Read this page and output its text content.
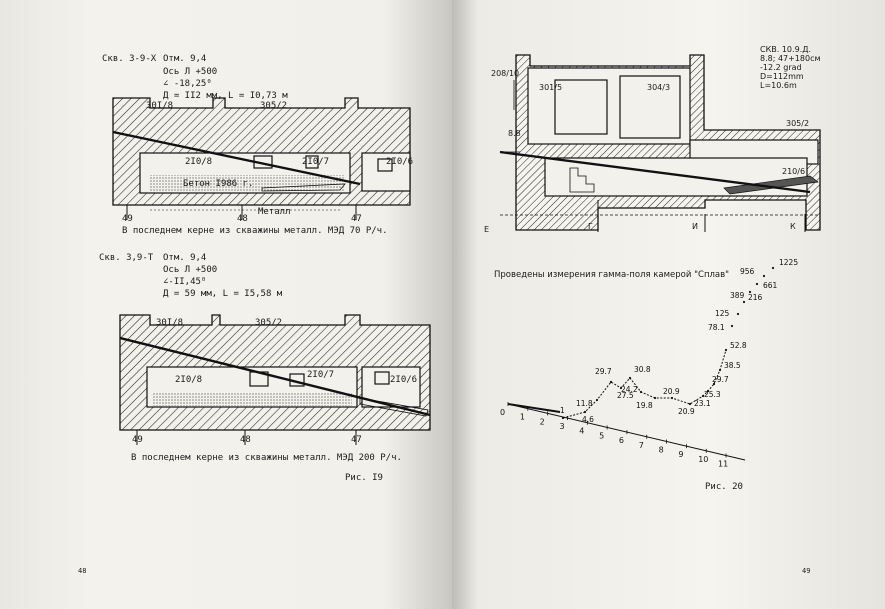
0
1
2
3
4
5
6
7
8
9
10
11
1
4.6
11.8
29.7
27.5
30.8
24.2
19.8
20.9
20.9
23.1
25.3
29.7
38.5
52.8
78.1
125
216
389
661
956
1225
Скв. 3-9-Х Отм. 9,4
Ось Л +500
∠ -18,25⁰
Д = II2 мм, L = I0,73 м
30I/8	305/2
2I0/8	2I0/7	2I0/6
Бетон I986 г.
Металл
49	48	47
В последнем керне из скважины металл. МЭД 70 Р/ч.
Скв. 3,9-Т Отм. 9,4
Ось Л +500
∠-II,45⁰
Д = 59 мм, L = I5,58 м
30I/8	305/2
2I0/8	2I0/7	2I0/6
49	48	47
В последнем керне из скважины металл. МЭД 200 Р/ч.
Рис. I9
48
СКВ. 10.9.Д.
8.8; 47+180см
-12.2 grad
D=112mm
L=10.6m
208/10
8.8
301/5	304/3
305/2
210/6
Е	Г	И	К
Проведены измерения гамма-поля камерой "Сплав"
Рис. 20
49
